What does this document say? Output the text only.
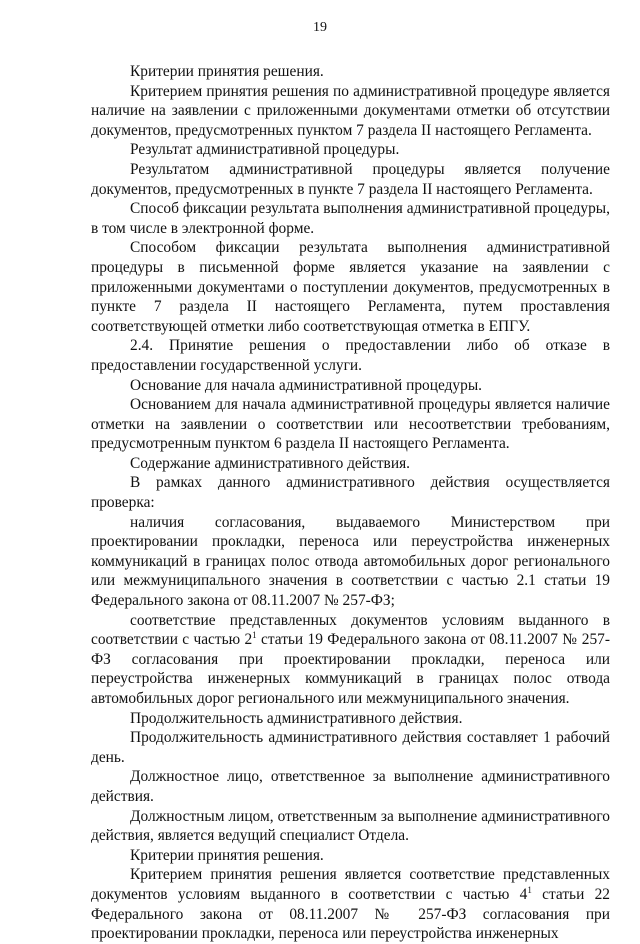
19

Критерии принятия решения.

Критерием принятия решения по административной процедуре является наличие на заявлении с приложенными документами отметки об отсутствии документов, предусмотренных пунктом 7 раздела II настоящего Регламента.

Результат административной процедуры.

Результатом административной процедуры является получение документов, предусмотренных в пункте 7 раздела II настоящего Регламента.

Способ фиксации результата выполнения административной процедуры, в том числе в электронной форме.

Способом фиксации результата выполнения административной процедуры в письменной форме является указание на заявлении с приложенными документами о поступлении документов, предусмотренных в пункте 7 раздела II настоящего Регламента, путем проставления соответствующей отметки либо соответствующая отметка в ЕПГУ.

2.4. Принятие решения о предоставлении либо об отказе в предоставлении государственной услуги.

Основание для начала административной процедуры.

Основанием для начала административной процедуры является наличие отметки на заявлении о соответствии или несоответствии требованиям, предусмотренным пунктом 6 раздела II настоящего Регламента.

Содержание административного действия.

В рамках данного административного действия осуществляется проверка:

наличия согласования, выдаваемого Министерством при проектировании прокладки, переноса или переустройства инженерных коммуникаций в границах полос отвода автомобильных дорог регионального или межмуниципального значения в соответствии с частью 2.1 статьи 19 Федерального закона от 08.11.2007 № 257-ФЗ;

соответствие представленных документов условиям выданного в соответствии с частью $2^1$ статьи 19 Федерального закона от 08.11.2007 № 257-ФЗ согласования при проектировании прокладки, переноса или переустройства инженерных коммуникаций в границах полос отвода автомобильных дорог регионального или межмуниципального значения.

Продолжительность административного действия.

Продолжительность административного действия составляет 1 рабочий день.

Должностное лицо, ответственное за выполнение административного действия.

Должностным лицом, ответственным за выполнение административного действия, является ведущий специалист Отдела.

Критерии принятия решения.

Критерием принятия решения является соответствие представленных документов условиям выданного в соответствии с частью $4^1$ статьи 22 Федерального закона от 08.11.2007 № 257-ФЗ согласования при проектировании прокладки, переноса или переустройства инженерных
